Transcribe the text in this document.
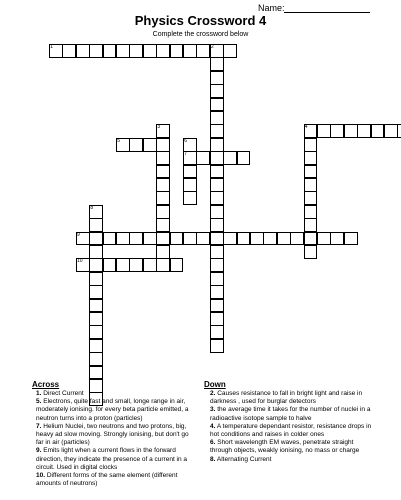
Name:
Physics Crossword 4
Complete the crossword below
1	2
3	4
5	6
7
8
9
10
Across
1. Direct Current
5. Electrons, quite fast and small, longe range in air, moderately ionising. for every beta particle emitted, a neutron turns into a proton (particles)
7. Helium Nuclei, two neutrons and two protons, big, heavy ad slow moving. Strongly ionising, but don't go far in air (particles)
9. Emits light when a current flows in the forward direction, they indicate the presence of a current in a circuit. Used in digital clocks
10. Different forms of the same element (different amounts of neutrons)
Down
2. Causes resistance to fall in bright light and raise in darkness , used for burglar detectors
3. the average time it takes for the number of nuclei in a radioactive isotope sample to halve
4. A temperature dependant resistor, resistance drops in hot conditions and raises in colder ones
6. Short wavelength EM waves, penetrate straight through objects, weakly ionising, no mass or charge
8. Alternating Current
